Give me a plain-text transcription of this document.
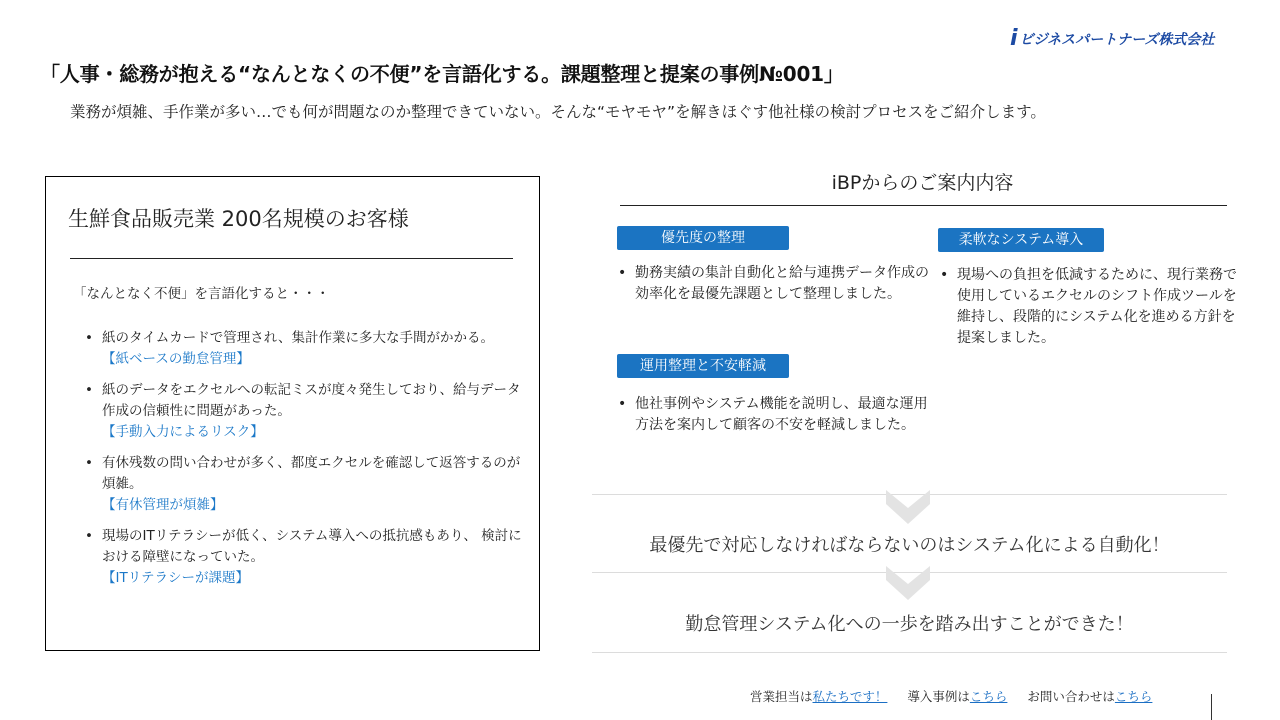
i ビジネスパートナーズ株式会社
「人事・総務が抱える“なんとなくの不便”を言語化する。課題整理と提案の事例№001」
業務が煩雑、手作業が多い…でも何が問題なのか整理できていない。そんな“モヤモヤ”を解きほぐす他社様の検討プロセスをご紹介します。
生鮮食品販売業 200名規模のお客様
「なんとなく不便」を言語化すると・・・
• 紙のタイムカードで管理され、集計作業に多大な手間がかかる。
【紙ベースの勤怠管理】
• 紙のデータをエクセルへの転記ミスが度々発生しており、給与データ作成の信頼性に問題があった。
【手動入力によるリスク】
• 有休残数の問い合わせが多く、都度エクセルを確認して返答するのが煩雑。
【有休管理が煩雑】
• 現場のITリテラシーが低く、システム導入への抵抗感もあり、 検討における障壁になっていた。
【ITリテラシーが課題】
iBPからのご案内内容
優先度の整理
• 勤務実績の集計自動化と給与連携データ作成の効率化を最優先課題として整理しました。
柔軟なシステム導入
• 現場への負担を低減するために、現行業務で使用しているエクセルのシフト作成ツールを維持し、段階的にシステム化を進める方針を提案しました。
運用整理と不安軽減
• 他社事例やシステム機能を説明し、最適な運用方法を案内して顧客の不安を軽減しました。
最優先で対応しなければならないのはシステム化による自動化！
勤怠管理システム化への一歩を踏み出すことができた！
営業担当は私たちです！ 導入事例はこちら お問い合わせはこちら
